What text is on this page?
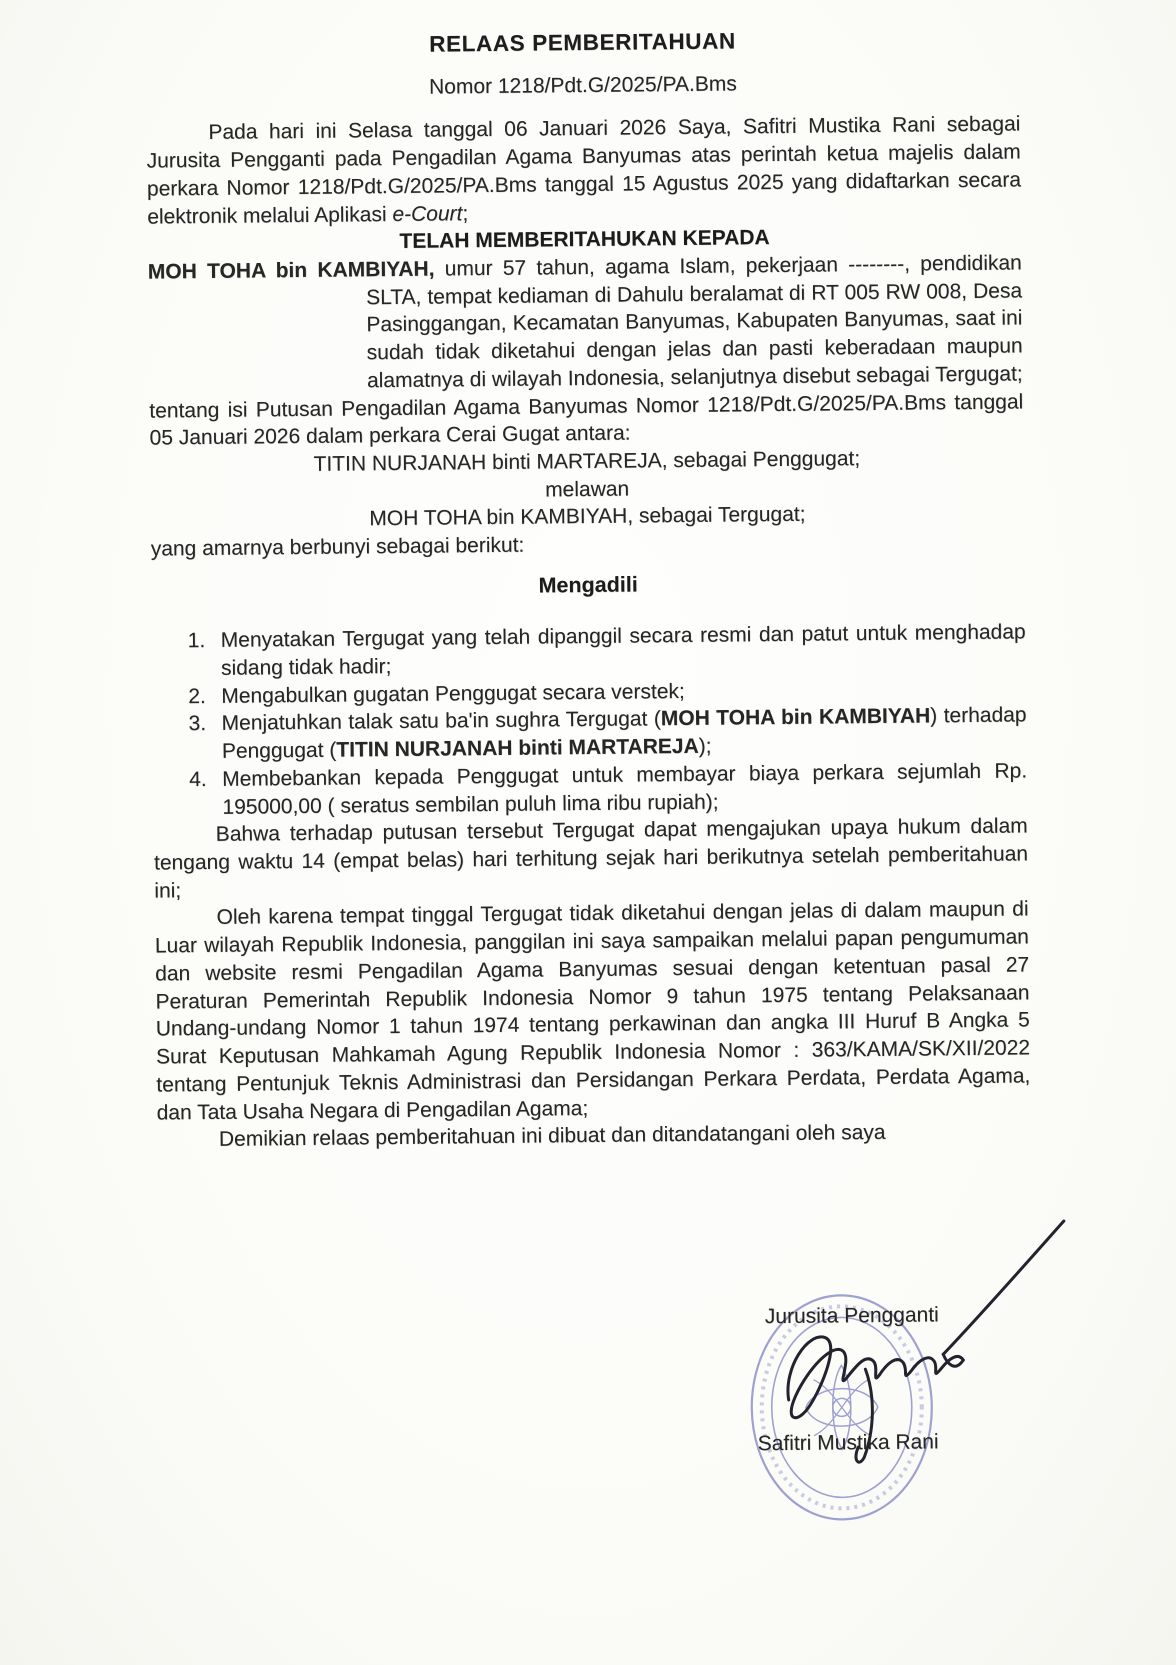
RELAAS PEMBERITAHUAN
Nomor 1218/Pdt.G/2025/PA.Bms

Pada hari ini Selasa tanggal 06 Januari 2026 Saya, Safitri Mustika Rani sebagai Jurusita Pengganti pada Pengadilan Agama Banyumas atas perintah ketua majelis dalam perkara Nomor 1218/Pdt.G/2025/PA.Bms tanggal 15 Agustus 2025 yang didaftarkan secara elektronik melalui Aplikasi e-Court;

TELAH MEMBERITAHUKAN KEPADA

MOH TOHA bin KAMBIYAH, umur 57 tahun, agama Islam, pekerjaan --------, pendidikan SLTA, tempat kediaman di Dahulu beralamat di RT 005 RW 008, Desa Pasinggangan, Kecamatan Banyumas, Kabupaten Banyumas, saat ini sudah tidak diketahui dengan jelas dan pasti keberadaan maupun alamatnya di wilayah Indonesia, selanjutnya disebut sebagai Tergugat;

tentang isi Putusan Pengadilan Agama Banyumas Nomor 1218/Pdt.G/2025/PA.Bms tanggal 05 Januari 2026 dalam perkara Cerai Gugat antara:

TITIN NURJANAH binti MARTAREJA, sebagai Penggugat;
melawan
MOH TOHA bin KAMBIYAH, sebagai Tergugat;

yang amarnya berbunyi sebagai berikut:

Mengadili
1. Menyatakan Tergugat yang telah dipanggil secara resmi dan patut untuk menghadap sidang tidak hadir;
2. Mengabulkan gugatan Penggugat secara verstek;
3. Menjatuhkan talak satu ba'in sughra Tergugat (MOH TOHA bin KAMBIYAH) terhadap Penggugat (TITIN NURJANAH binti MARTAREJA);
4. Membebankan kepada Penggugat untuk membayar biaya perkara sejumlah Rp. 195000,00 ( seratus sembilan puluh lima ribu rupiah);

Bahwa terhadap putusan tersebut Tergugat dapat mengajukan upaya hukum dalam tengang waktu 14 (empat belas) hari terhitung sejak hari berikutnya setelah pemberitahuan ini;

Oleh karena tempat tinggal Tergugat tidak diketahui dengan jelas di dalam maupun di Luar wilayah Republik Indonesia, panggilan ini saya sampaikan melalui papan pengumuman dan website resmi Pengadilan Agama Banyumas sesuai dengan ketentuan pasal 27 Peraturan Pemerintah Republik Indonesia Nomor 9 tahun 1975 tentang Pelaksanaan Undang-undang Nomor 1 tahun 1974 tentang perkawinan dan angka III Huruf B Angka 5 Surat Keputusan Mahkamah Agung Republik Indonesia Nomor : 363/KAMA/SK/XII/2022 tentang Pentunjuk Teknis Administrasi dan Persidangan Perkara Perdata, Perdata Agama, dan Tata Usaha Negara di Pengadilan Agama;

Demikian relaas pemberitahuan ini dibuat dan ditandatangani oleh saya

Jurusita Pengganti
Safitri Mustika Rani
